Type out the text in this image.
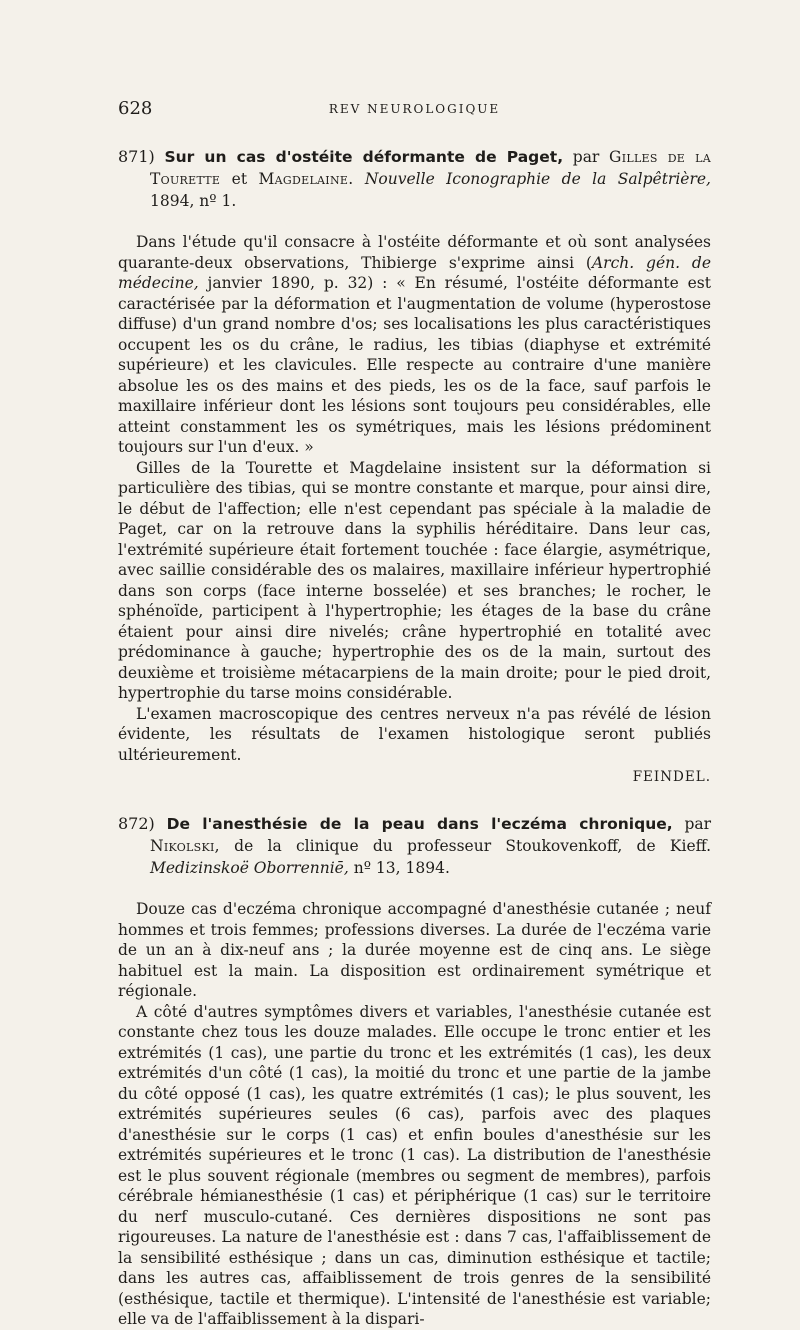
628	REV NEUROLOGIQUE

871) Sur un cas d'ostéite déformante de Paget, par Gilles de la Tourette et Magdelaine. Nouvelle Iconographie de la Salpêtrière, 1894, nº 1.

Dans l'étude qu'il consacre à l'ostéite déformante et où sont analysées quarante-deux observations, Thibierge s'exprime ainsi (Arch. gén. de médecine, janvier 1890, p. 32) : « En résumé, l'ostéite déformante est caractérisée par la déformation et l'augmentation de volume (hyperostose diffuse) d'un grand nombre d'os; ses localisations les plus caractéristiques occupent les os du crâne, le radius, les tibias (diaphyse et extrémité supérieure) et les clavicules. Elle respecte au contraire d'une manière absolue les os des mains et des pieds, les os de la face, sauf parfois le maxillaire inférieur dont les lésions sont toujours peu considérables, elle atteint constamment les os symétriques, mais les lésions prédominent toujours sur l'un d'eux. »

Gilles de la Tourette et Magdelaine insistent sur la déformation si particulière des tibias, qui se montre constante et marque, pour ainsi dire, le début de l'affection; elle n'est cependant pas spéciale à la maladie de Paget, car on la retrouve dans la syphilis héréditaire. Dans leur cas, l'extrémité supérieure était fortement touchée : face élargie, asymétrique, avec saillie considérable des os malaires, maxillaire inférieur hypertrophié dans son corps (face interne bosselée) et ses branches; le rocher, le sphénoïde, participent à l'hypertrophie; les étages de la base du crâne étaient pour ainsi dire nivelés; crâne hypertrophié en totalité avec prédominance à gauche; hypertrophie des os de la main, surtout des deuxième et troisième métacarpiens de la main droite; pour le pied droit, hypertrophie du tarse moins considérable.

L'examen macroscopique des centres nerveux n'a pas révélé de lésion évidente, les résultats de l'examen histologique seront publiés ultérieurement.

FEINDEL.

872) De l'anesthésie de la peau dans l'eczéma chronique, par Nikolski, de la clinique du professeur Stoukovenkoff, de Kieff. Medizinskoë Oborrenniē, nº 13, 1894.

Douze cas d'eczéma chronique accompagné d'anesthésie cutanée ; neuf hommes et trois femmes; professions diverses. La durée de l'eczéma varie de un an à dix-neuf ans ; la durée moyenne est de cinq ans. Le siège habituel est la main. La disposition est ordinairement symétrique et régionale.

A côté d'autres symptômes divers et variables, l'anesthésie cutanée est constante chez tous les douze malades. Elle occupe le tronc entier et les extrémités (1 cas), une partie du tronc et les extrémités (1 cas), les deux extrémités d'un côté (1 cas), la moitié du tronc et une partie de la jambe du côté opposé (1 cas), les quatre extrémités (1 cas); le plus souvent, les extrémités supérieures seules (6 cas), parfois avec des plaques d'anesthésie sur le corps (1 cas) et enfin boules d'anesthésie sur les extrémités supérieures et le tronc (1 cas). La distribution de l'anesthésie est le plus souvent régionale (membres ou segment de membres), parfois cérébrale hémianesthésie (1 cas) et périphérique (1 cas) sur le territoire du nerf musculo-cutané. Ces dernières dispositions ne sont pas rigoureuses. La nature de l'anesthésie est : dans 7 cas, l'affaiblissement de la sensibilité esthésique ; dans un cas, diminution esthésique et tactile; dans les autres cas, affaiblissement de trois genres de la sensibilité (esthésique, tactile et thermique). L'intensité de l'anesthésie est variable; elle va de l'affaiblissement à la dispari-
